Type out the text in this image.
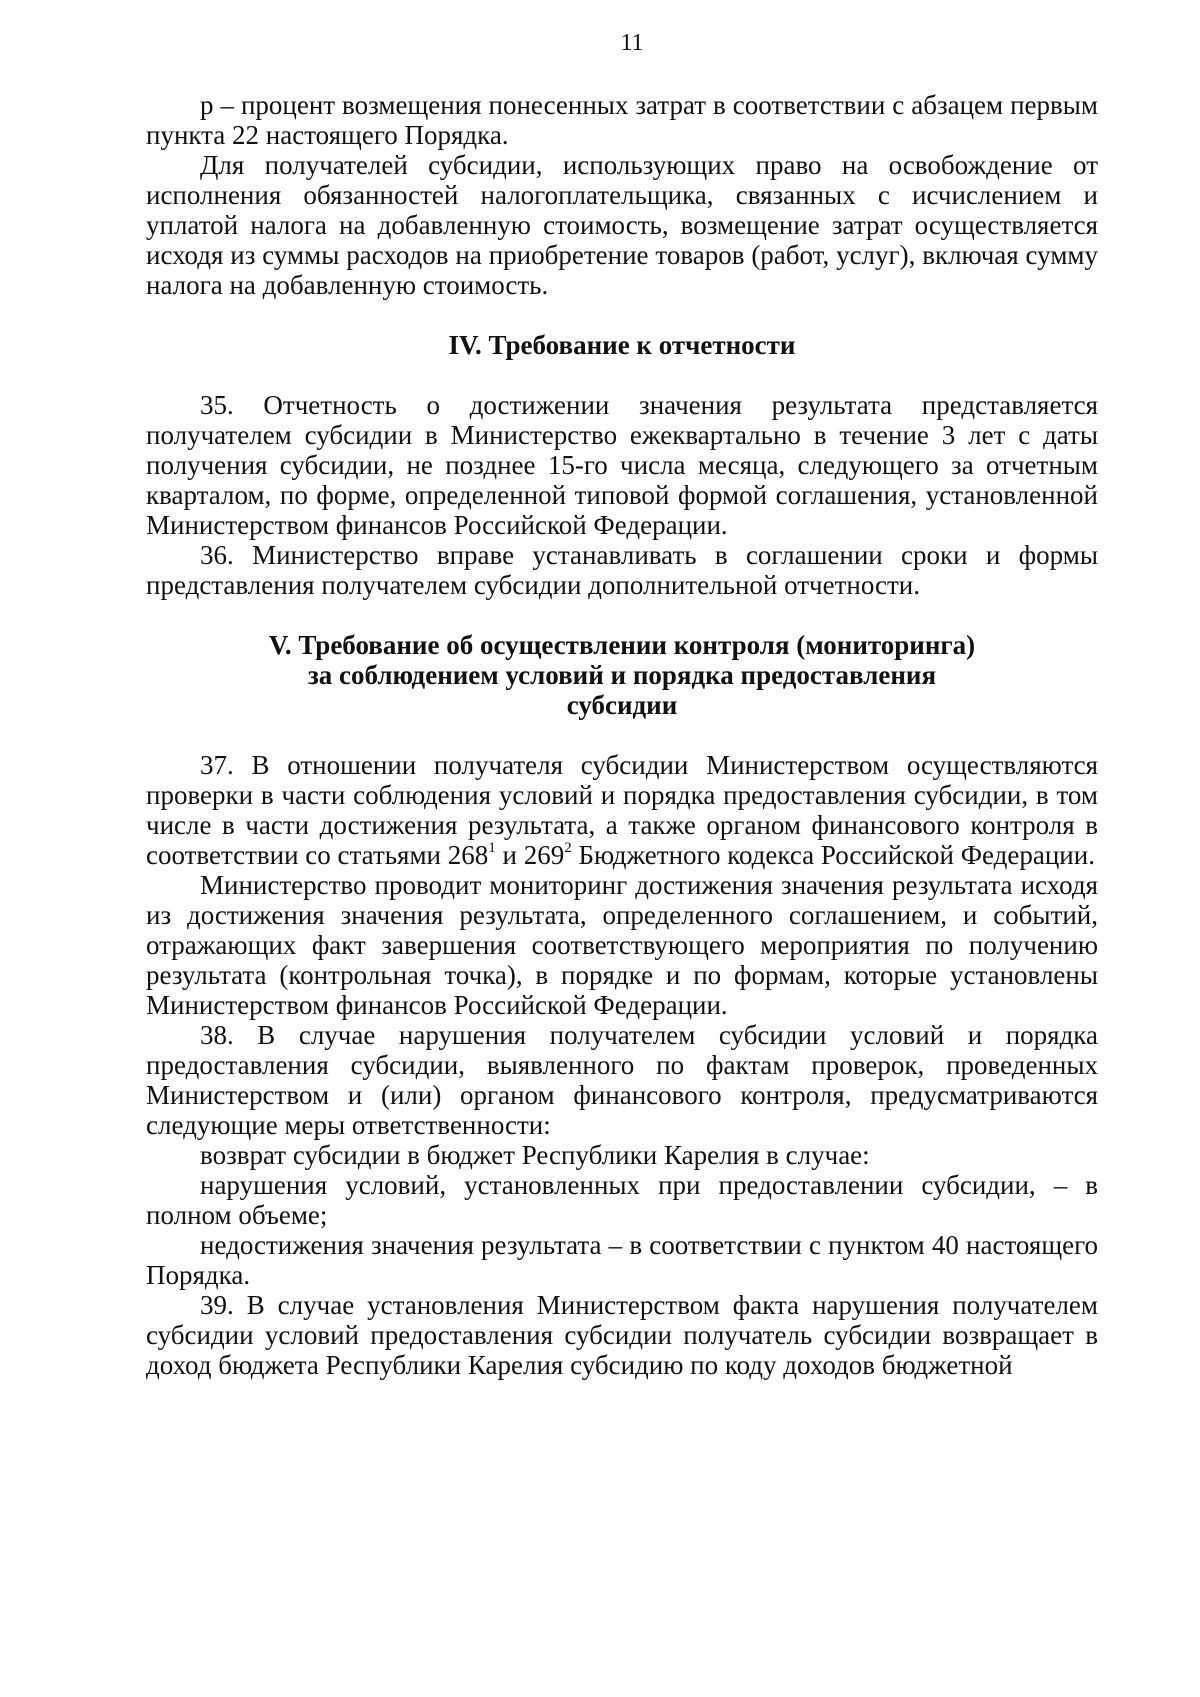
11

р – процент возмещения понесенных затрат в соответствии с абзацем первым пункта 22 настоящего Порядка.

Для получателей субсидии, использующих право на освобождение от исполнения обязанностей налогоплательщика, связанных с исчислением и уплатой налога на добавленную стоимость, возмещение затрат осуществляется исходя из суммы расходов на приобретение товаров (работ, услуг), включая сумму налога на добавленную стоимость.

IV. Требование к отчетности

35. Отчетность о достижении значения результата представляется получателем субсидии в Министерство ежеквартально в течение 3 лет с даты получения субсидии, не позднее 15-го числа месяца, следующего за отчетным кварталом, по форме, определенной типовой формой соглашения, установленной Министерством финансов Российской Федерации.

36. Министерство вправе устанавливать в соглашении сроки и формы представления получателем субсидии дополнительной отчетности.

V. Требование об осуществлении контроля (мониторинга)

за соблюдением условий и порядка предоставления

субсидии

37. В отношении получателя субсидии Министерством осуществляются проверки в части соблюдения условий и порядка предоставления субсидии, в том числе в части достижения результата, а также органом финансового контроля в соответствии со статьями $268^1$ и $269^2$ Бюджетного кодекса Российской Федерации.

Министерство проводит мониторинг достижения значения результата исходя из достижения значения результата, определенного соглашением, и событий, отражающих факт завершения соответствующего мероприятия по получению результата (контрольная точка), в порядке и по формам, которые установлены Министерством финансов Российской Федерации.

38. В случае нарушения получателем субсидии условий и порядка предоставления субсидии, выявленного по фактам проверок, проведенных Министерством и (или) органом финансового контроля, предусматриваются следующие меры ответственности:

возврат субсидии в бюджет Республики Карелия в случае:

нарушения условий, установленных при предоставлении субсидии, – в полном объеме;

недостижения значения результата – в соответствии с пунктом 40 настоящего Порядка.

39. В случае установления Министерством факта нарушения получателем субсидии условий предоставления субсидии получатель субсидии возвращает в доход бюджета Республики Карелия субсидию по коду доходов бюджетной
